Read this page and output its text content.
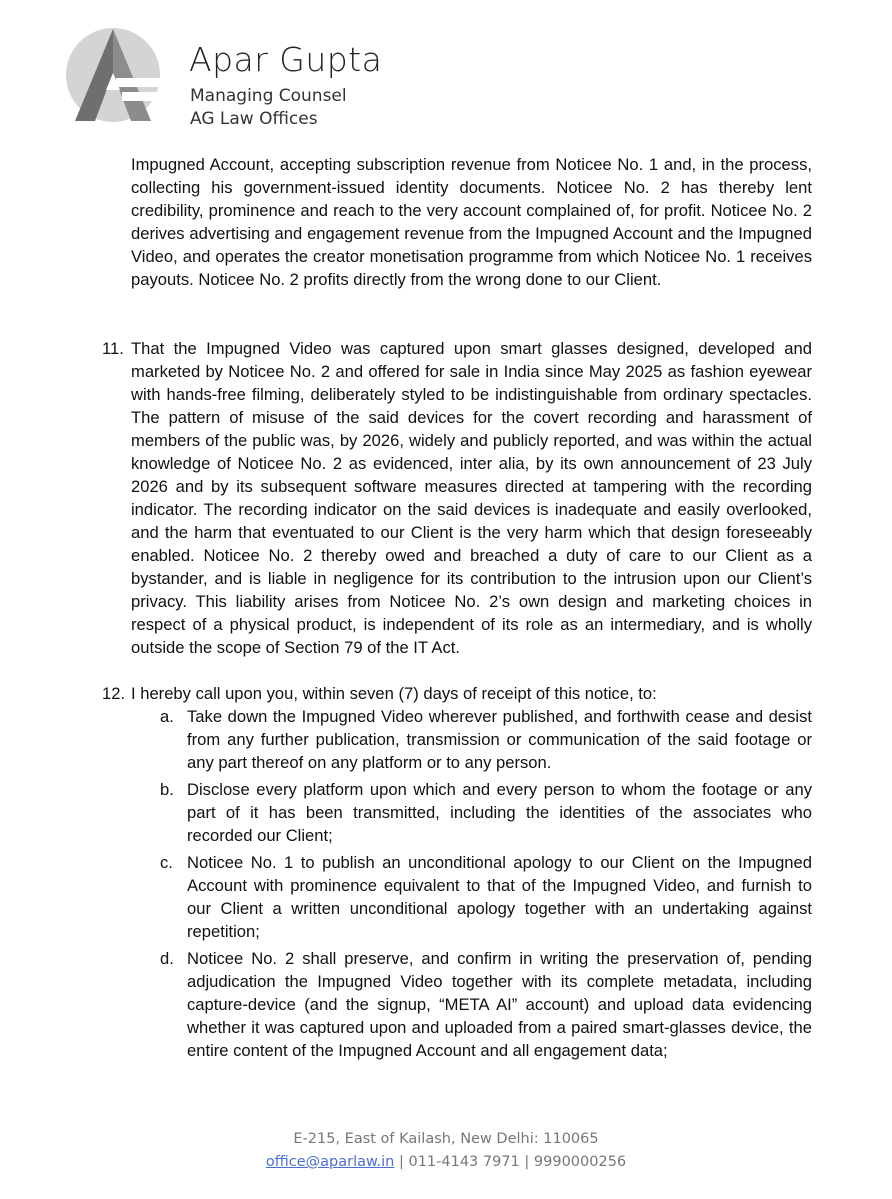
Apar Gupta
Managing Counsel
AG Law Offices
Impugned Account, accepting subscription revenue from Noticee No. 1 and, in the process, collecting his government-issued identity documents. Noticee No. 2 has thereby lent credibility, prominence and reach to the very account complained of, for profit. Noticee No. 2 derives advertising and engagement revenue from the Impugned Account and the Impugned Video, and operates the creator monetisation programme from which Noticee No. 1 receives payouts. Noticee No. 2 profits directly from the wrong done to our Client.
11. That the Impugned Video was captured upon smart glasses designed, developed and marketed by Noticee No. 2 and offered for sale in India since May 2025 as fashion eyewear with hands-free filming, deliberately styled to be indistinguishable from ordinary spectacles. The pattern of misuse of the said devices for the covert recording and harassment of members of the public was, by 2026, widely and publicly reported, and was within the actual knowledge of Noticee No. 2 as evidenced, inter alia, by its own announcement of 23 July 2026 and by its subsequent software measures directed at tampering with the recording indicator. The recording indicator on the said devices is inadequate and easily overlooked, and the harm that eventuated to our Client is the very harm which that design foreseeably enabled. Noticee No. 2 thereby owed and breached a duty of care to our Client as a bystander, and is liable in negligence for its contribution to the intrusion upon our Client’s privacy. This liability arises from Noticee No. 2’s own design and marketing choices in respect of a physical product, is independent of its role as an intermediary, and is wholly outside the scope of Section 79 of the IT Act.
12. I hereby call upon you, within seven (7) days of receipt of this notice, to:
a. Take down the Impugned Video wherever published, and forthwith cease and desist from any further publication, transmission or communication of the said footage or any part thereof on any platform or to any person.
b. Disclose every platform upon which and every person to whom the footage or any part of it has been transmitted, including the identities of the associates who recorded our Client;
c. Noticee No. 1 to publish an unconditional apology to our Client on the Impugned Account with prominence equivalent to that of the Impugned Video, and furnish to our Client a written unconditional apology together with an undertaking against repetition;
d. Noticee No. 2 shall preserve, and confirm in writing the preservation of, pending adjudication the Impugned Video together with its complete metadata, including capture-device (and the signup, “META AI” account) and upload data evidencing whether it was captured upon and uploaded from a paired smart-glasses device, the entire content of the Impugned Account and all engagement data;
E-215, East of Kailash, New Delhi: 110065
office@aparlaw.in | 011-4143 7971 | 9990000256
